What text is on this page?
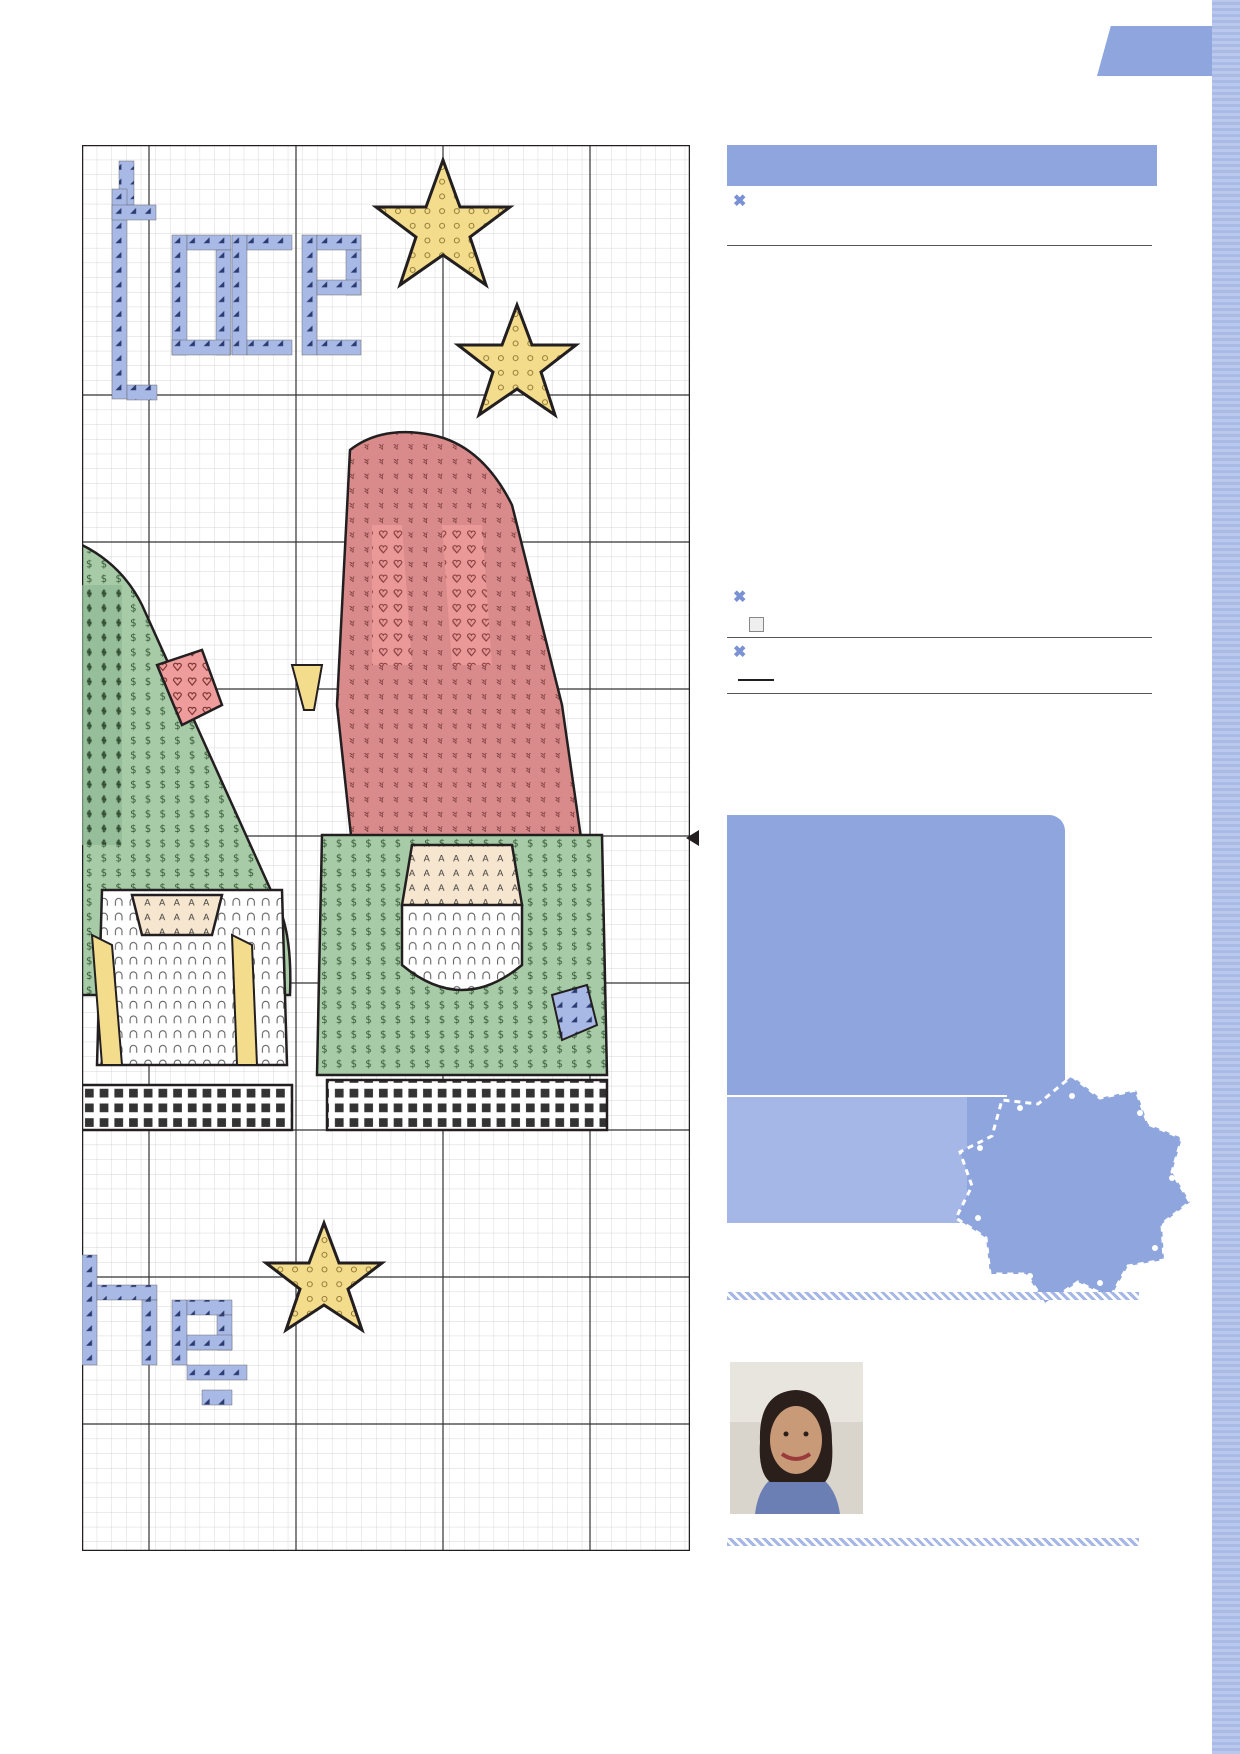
✖

✖

✖
